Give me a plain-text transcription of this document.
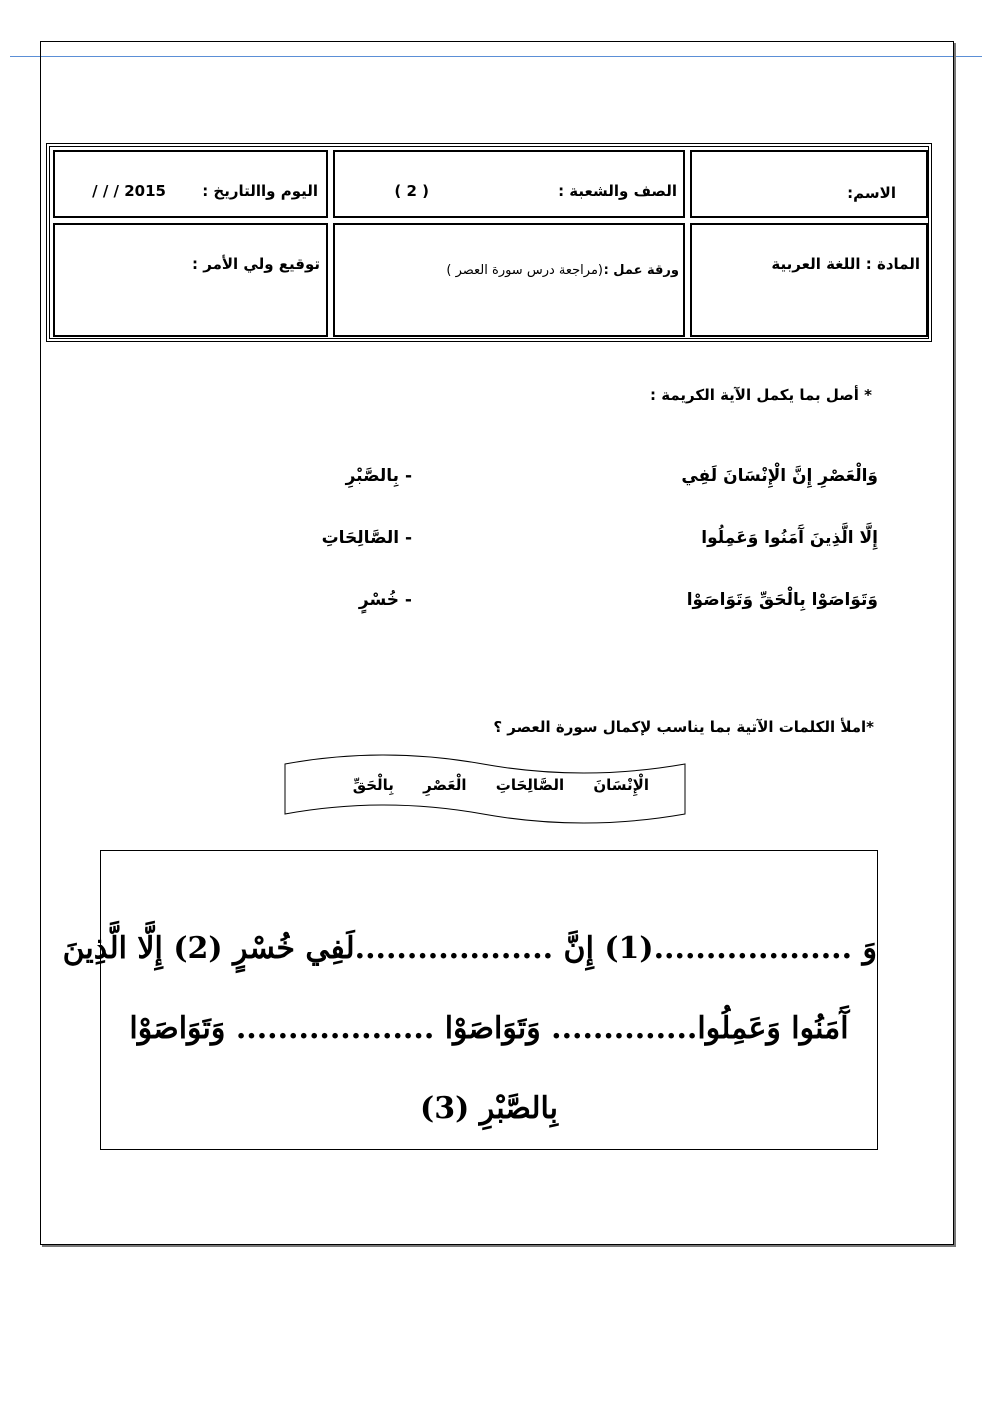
الاسم:
الصف والشعبة :
( 2 )
اليوم واالتاريخ :
/ / / 2015
المادة : اللغة العربية
ورقة عمل :
(مراجعة درس سورة العصر )
توقيع ولي الأمر :
* أصل بما يكمل الآية الكريمة :
وَالْعَصْرِ إِنَّ الْإِنْسَانَ لَفِي
- بِالصَّبْرِ
إِلَّا الَّذِينَ آَمَنُوا وَعَمِلُوا
- الصَّالِحَاتِ
وَتَوَاصَوْا بِالْحَقِّ وَتَوَاصَوْا
- خُسْرٍ
*املأ الكلمات الآتية بما يناسب لإكمال سورة العصر ؟
الْإِنْسَانَ الصَّالِحَاتِ الْعَصْرِ بِالْحَقِّ
وَ ...................(1) إِنَّ ...................لَفِي خُسْرٍ (2) إِلَّا الَّذِينَ
آَمَنُوا وَعَمِلُوا.............. وَتَوَاصَوْا ................... وَتَوَاصَوْا
بِالصَّبْرِ (3)
